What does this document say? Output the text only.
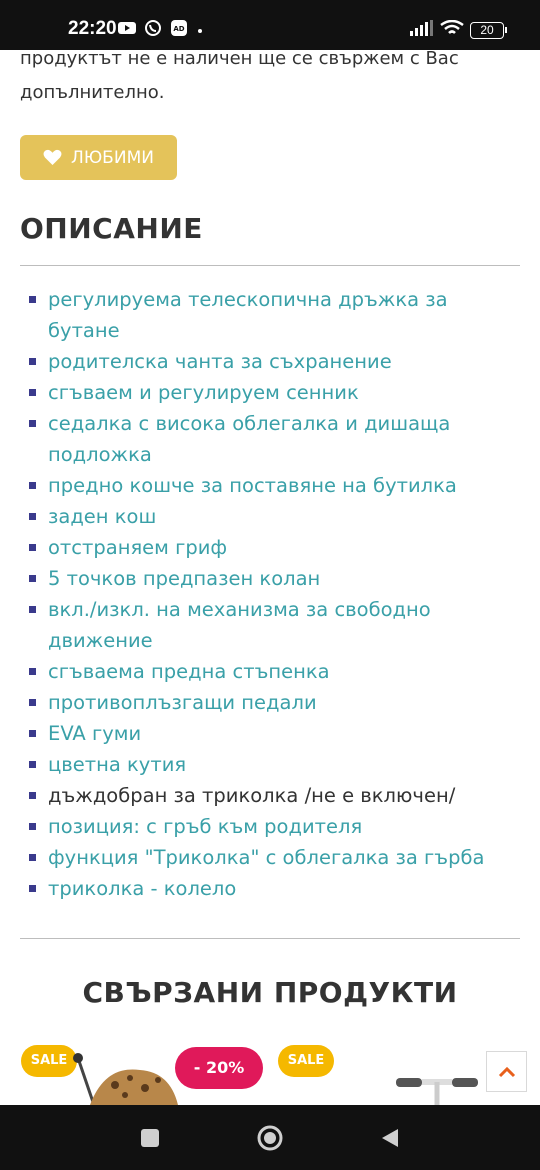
22:20	AD	20

продуктът не е наличен ще се свържем с Вас допълнително.

ЛЮБИМИ
ОПИСАНИЕ
регулируема телескопична дръжка за бутане
родителска чанта за съхранение
сгъваем и регулируем сенник
седалка с висока облегалка и дишаща подложка
предно кошче за поставяне на бутилка
заден кош
отстраняем гриф
5 точков предпазен колан
вкл./изкл. на механизма за свободно движение
сгъваема предна стъпенка
противоплъзгащи педали
EVA гуми
цветна кутия
дъждобран за триколка /не е включен/
позиция: с гръб към родителя
функция "Триколка" с облегалка за гърба
триколка - колело
СВЪРЗАНИ ПРОДУКТИ
SALE	- 20%	SALE
